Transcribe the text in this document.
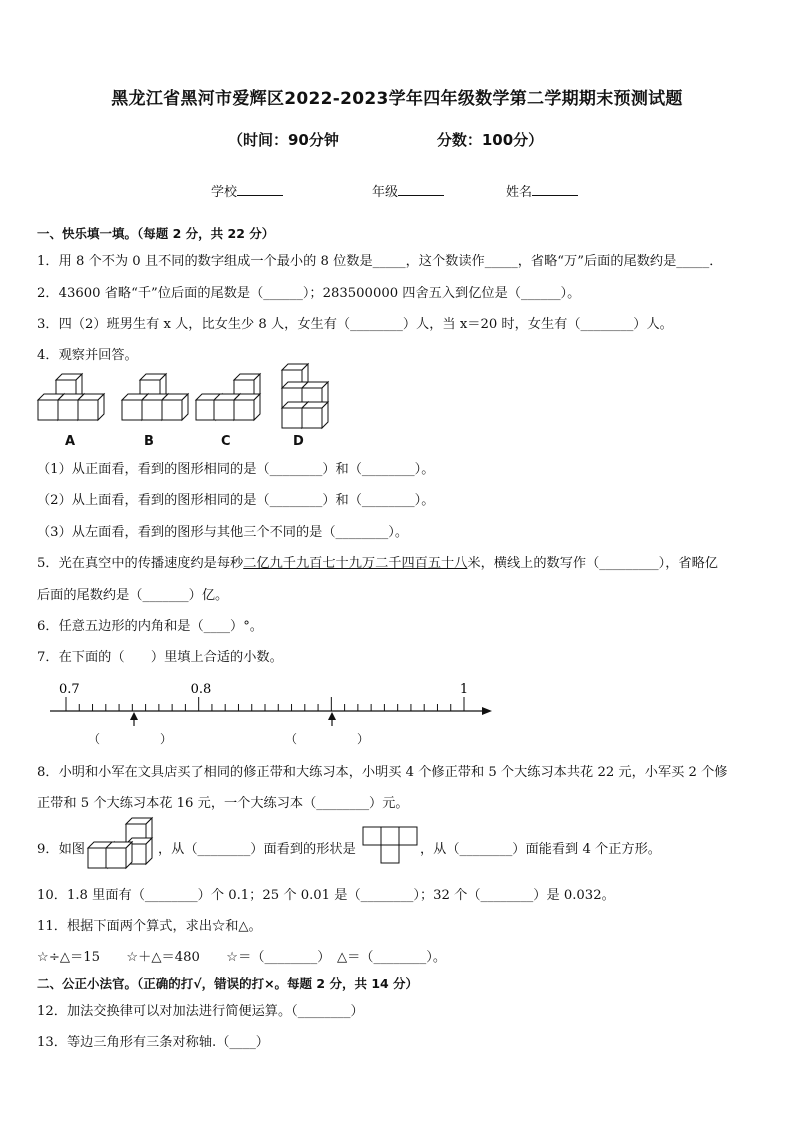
黑龙江省黑河市爱辉区2022-2023学年四年级数学第二学期期末预测试题
（时间：90分钟	分数：100分）
学校	年级	姓名
一、快乐填一填。（每题 2 分，共 22 分）
1．用 8 个不为 0 且不同的数字组成一个最小的 8 位数是_____，这个数读作_____，省略“万”后面的尾数约是_____．
2．43600 省略“千”位后面的尾数是（______）；283500000 四舍五入到亿位是（______）。
3．四（2）班男生有 x 人，比女生少 8 人，女生有（________）人，当 x＝20 时，女生有（________）人。
4．观察并回答。
A	B	C	D
（1）从正面看，看到的图形相同的是（________）和（________）。
（2）从上面看，看到的图形相同的是（________）和（________）。
（3）从左面看，看到的图形与其他三个不同的是（________）。
5．光在真空中的传播速度约是每秒二亿九千九百七十九万二千四百五十八米，横线上的数写作（_________），省略亿
后面的尾数约是（_______）亿。
6．任意五边形的内角和是（____）°。
7．在下面的（　　）里填上合适的小数。
0.7	0.8	1
（　　　　　）	（　　　　　）
8．小明和小军在文具店买了相同的修正带和大练习本，小明买 4 个修正带和 5 个大练习本共花 22 元，小军买 2 个修
正带和 5 个大练习本花 16 元，一个大练习本（________）元。
9．如图	，从（________）面看到的形状是	，从（________）面能看到 4 个正方形。
10．1.8 里面有（________）个 0.1；25 个 0.01 是（________）；32 个（________）是 0.032。
11．根据下面两个算式，求出☆和△。
☆÷△＝15　　☆＋△＝480　　☆＝（________）　△＝（________）。
二、公正小法官。（正确的打√，错误的打×。每题 2 分，共 14 分）
12．加法交换律可以对加法进行简便运算。（________）
13．等边三角形有三条对称轴.（____）
